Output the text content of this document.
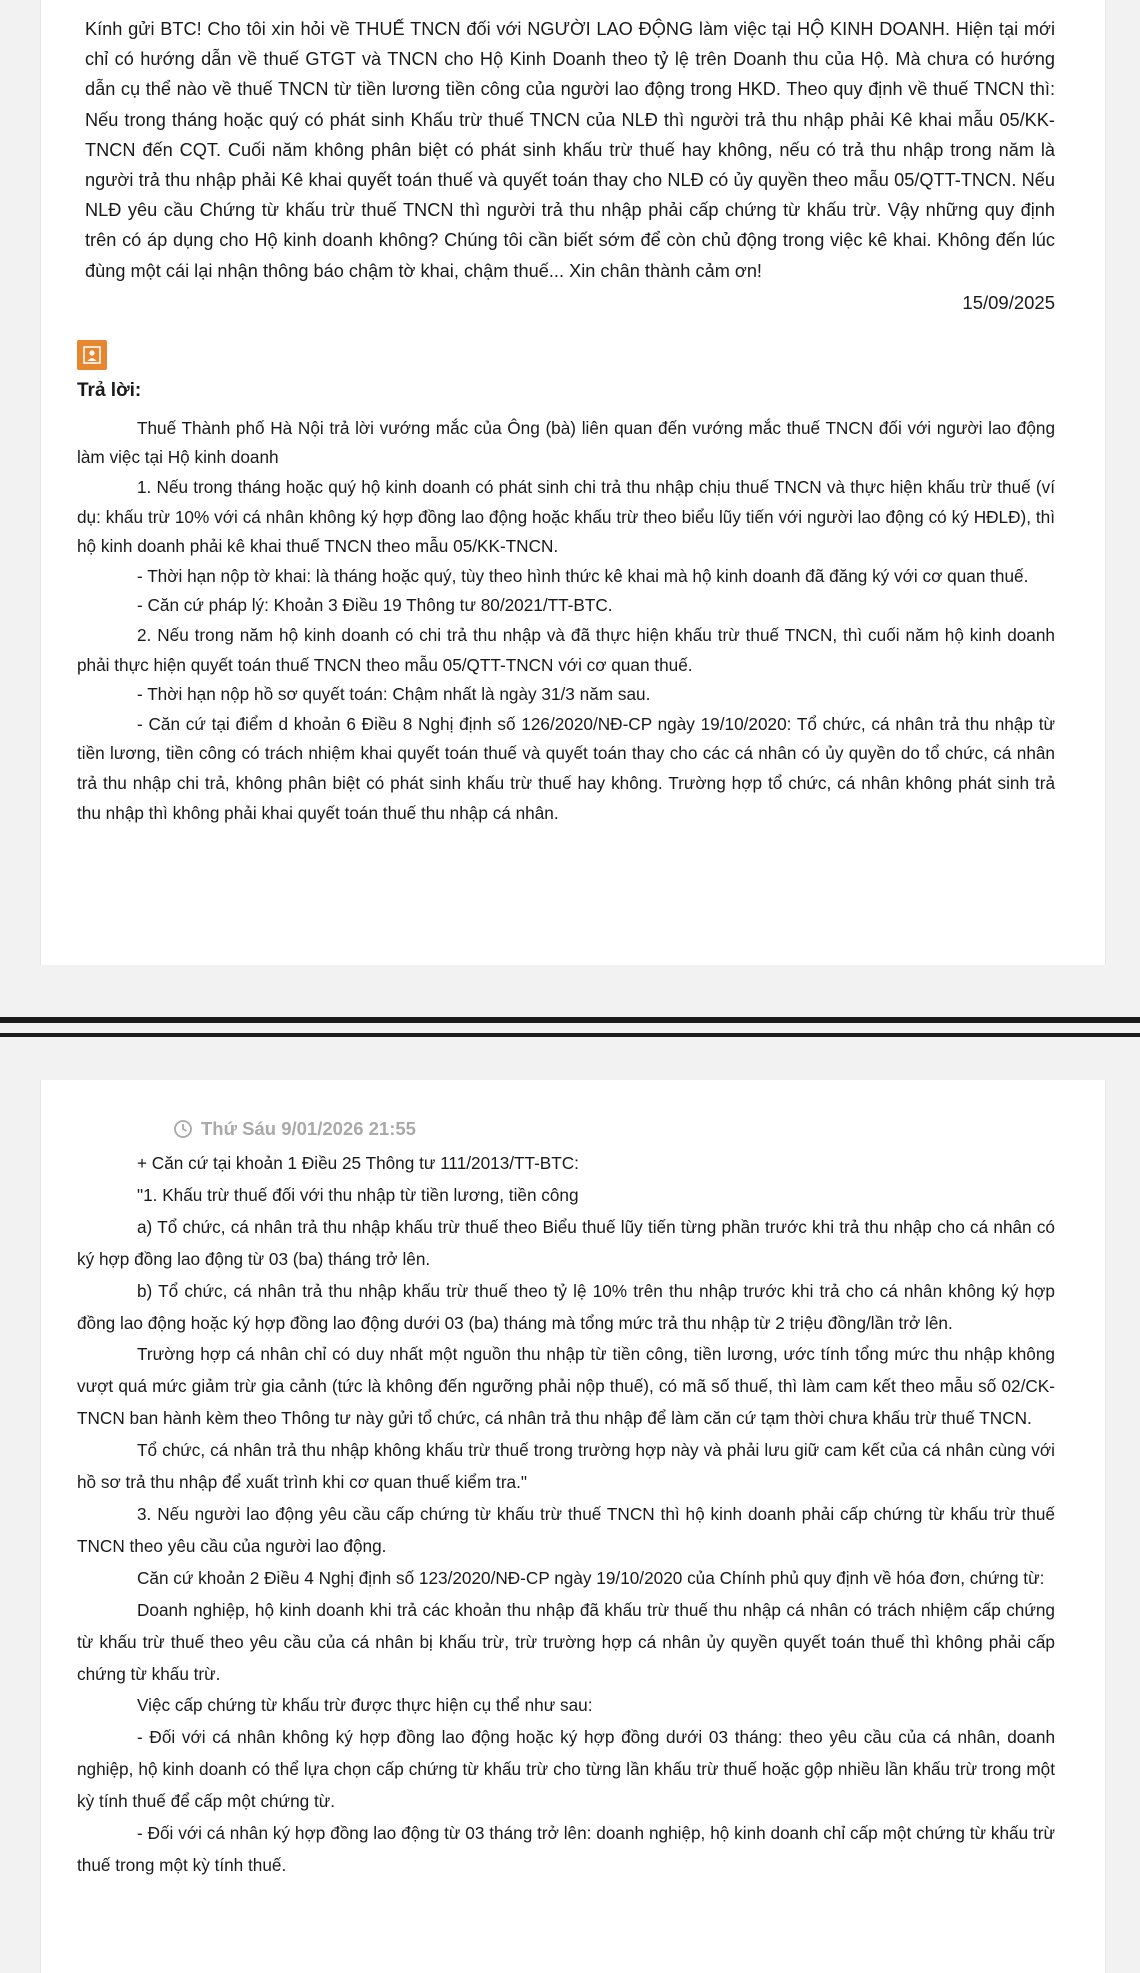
Kính gửi BTC! Cho tôi xin hỏi về THUẾ TNCN đối với NGƯỜI LAO ĐỘNG làm việc tại HỘ KINH DOANH. Hiện tại mới chỉ có hướng dẫn về thuế GTGT và TNCN cho Hộ Kinh Doanh theo tỷ lệ trên Doanh thu của Hộ. Mà chưa có hướng dẫn cụ thể nào về thuế TNCN từ tiền lương tiền công của người lao động trong HKD. Theo quy định về thuế TNCN thì: Nếu trong tháng hoặc quý có phát sinh Khấu trừ thuế TNCN của NLĐ thì người trả thu nhập phải Kê khai mẫu 05/KK-TNCN đến CQT. Cuối năm không phân biệt có phát sinh khấu trừ thuế hay không, nếu có trả thu nhập trong năm là người trả thu nhập phải Kê khai quyết toán thuế và quyết toán thay cho NLĐ có ủy quyền theo mẫu 05/QTT-TNCN. Nếu NLĐ yêu cầu Chứng từ khấu trừ thuế TNCN thì người trả thu nhập phải cấp chứng từ khấu trừ. Vậy những quy định trên có áp dụng cho Hộ kinh doanh không? Chúng tôi cần biết sớm để còn chủ động trong việc kê khai. Không đến lúc đùng một cái lại nhận thông báo chậm tờ khai, chậm thuế... Xin chân thành cảm ơn!

15/09/2025

Trả lời:

Thuế Thành phố Hà Nội trả lời vướng mắc của Ông (bà) liên quan đến vướng mắc thuế TNCN đối với người lao động làm việc tại Hộ kinh doanh

1. Nếu trong tháng hoặc quý hộ kinh doanh có phát sinh chi trả thu nhập chịu thuế TNCN và thực hiện khấu trừ thuế (ví dụ: khấu trừ 10% với cá nhân không ký hợp đồng lao động hoặc khấu trừ theo biểu lũy tiến với người lao động có ký HĐLĐ), thì hộ kinh doanh phải kê khai thuế TNCN theo mẫu 05/KK-TNCN.

- Thời hạn nộp tờ khai: là tháng hoặc quý, tùy theo hình thức kê khai mà hộ kinh doanh đã đăng ký với cơ quan thuế.

- Căn cứ pháp lý: Khoản 3 Điều 19 Thông tư 80/2021/TT-BTC.

2. Nếu trong năm hộ kinh doanh có chi trả thu nhập và đã thực hiện khấu trừ thuế TNCN, thì cuối năm hộ kinh doanh phải thực hiện quyết toán thuế TNCN theo mẫu 05/QTT-TNCN với cơ quan thuế.

- Thời hạn nộp hồ sơ quyết toán: Chậm nhất là ngày 31/3 năm sau.

- Căn cứ tại điểm d khoản 6 Điều 8 Nghị định số 126/2020/NĐ-CP ngày 19/10/2020: Tổ chức, cá nhân trả thu nhập từ tiền lương, tiền công có trách nhiệm khai quyết toán thuế và quyết toán thay cho các cá nhân có ủy quyền do tổ chức, cá nhân trả thu nhập chi trả, không phân biệt có phát sinh khấu trừ thuế hay không. Trường hợp tổ chức, cá nhân không phát sinh trả thu nhập thì không phải khai quyết toán thuế thu nhập cá nhân.

Thứ Sáu 9/01/2026 21:55

+ Căn cứ tại khoản 1 Điều 25 Thông tư 111/2013/TT-BTC:

"1. Khấu trừ thuế đối với thu nhập từ tiền lương, tiền công

a) Tổ chức, cá nhân trả thu nhập khấu trừ thuế theo Biểu thuế lũy tiến từng phần trước khi trả thu nhập cho cá nhân có ký hợp đồng lao động từ 03 (ba) tháng trở lên.

b) Tổ chức, cá nhân trả thu nhập khấu trừ thuế theo tỷ lệ 10% trên thu nhập trước khi trả cho cá nhân không ký hợp đồng lao động hoặc ký hợp đồng lao động dưới 03 (ba) tháng mà tổng mức trả thu nhập từ 2 triệu đồng/lần trở lên.

Trường hợp cá nhân chỉ có duy nhất một nguồn thu nhập từ tiền công, tiền lương, ước tính tổng mức thu nhập không vượt quá mức giảm trừ gia cảnh (tức là không đến ngưỡng phải nộp thuế), có mã số thuế, thì làm cam kết theo mẫu số 02/CK-TNCN ban hành kèm theo Thông tư này gửi tổ chức, cá nhân trả thu nhập để làm căn cứ tạm thời chưa khấu trừ thuế TNCN.

Tổ chức, cá nhân trả thu nhập không khấu trừ thuế trong trường hợp này và phải lưu giữ cam kết của cá nhân cùng với hồ sơ trả thu nhập để xuất trình khi cơ quan thuế kiểm tra."

3. Nếu người lao động yêu cầu cấp chứng từ khấu trừ thuế TNCN thì hộ kinh doanh phải cấp chứng từ khấu trừ thuế TNCN theo yêu cầu của người lao động.

Căn cứ khoản 2 Điều 4 Nghị định số 123/2020/NĐ-CP ngày 19/10/2020 của Chính phủ quy định về hóa đơn, chứng từ:

Doanh nghiệp, hộ kinh doanh khi trả các khoản thu nhập đã khấu trừ thuế thu nhập cá nhân có trách nhiệm cấp chứng từ khấu trừ thuế theo yêu cầu của cá nhân bị khấu trừ, trừ trường hợp cá nhân ủy quyền quyết toán thuế thì không phải cấp chứng từ khấu trừ.

Việc cấp chứng từ khấu trừ được thực hiện cụ thể như sau:

- Đối với cá nhân không ký hợp đồng lao động hoặc ký hợp đồng dưới 03 tháng: theo yêu cầu của cá nhân, doanh nghiệp, hộ kinh doanh có thể lựa chọn cấp chứng từ khấu trừ cho từng lần khấu trừ thuế hoặc gộp nhiều lần khấu trừ trong một kỳ tính thuế để cấp một chứng từ.

- Đối với cá nhân ký hợp đồng lao động từ 03 tháng trở lên: doanh nghiệp, hộ kinh doanh chỉ cấp một chứng từ khấu trừ thuế trong một kỳ tính thuế.
